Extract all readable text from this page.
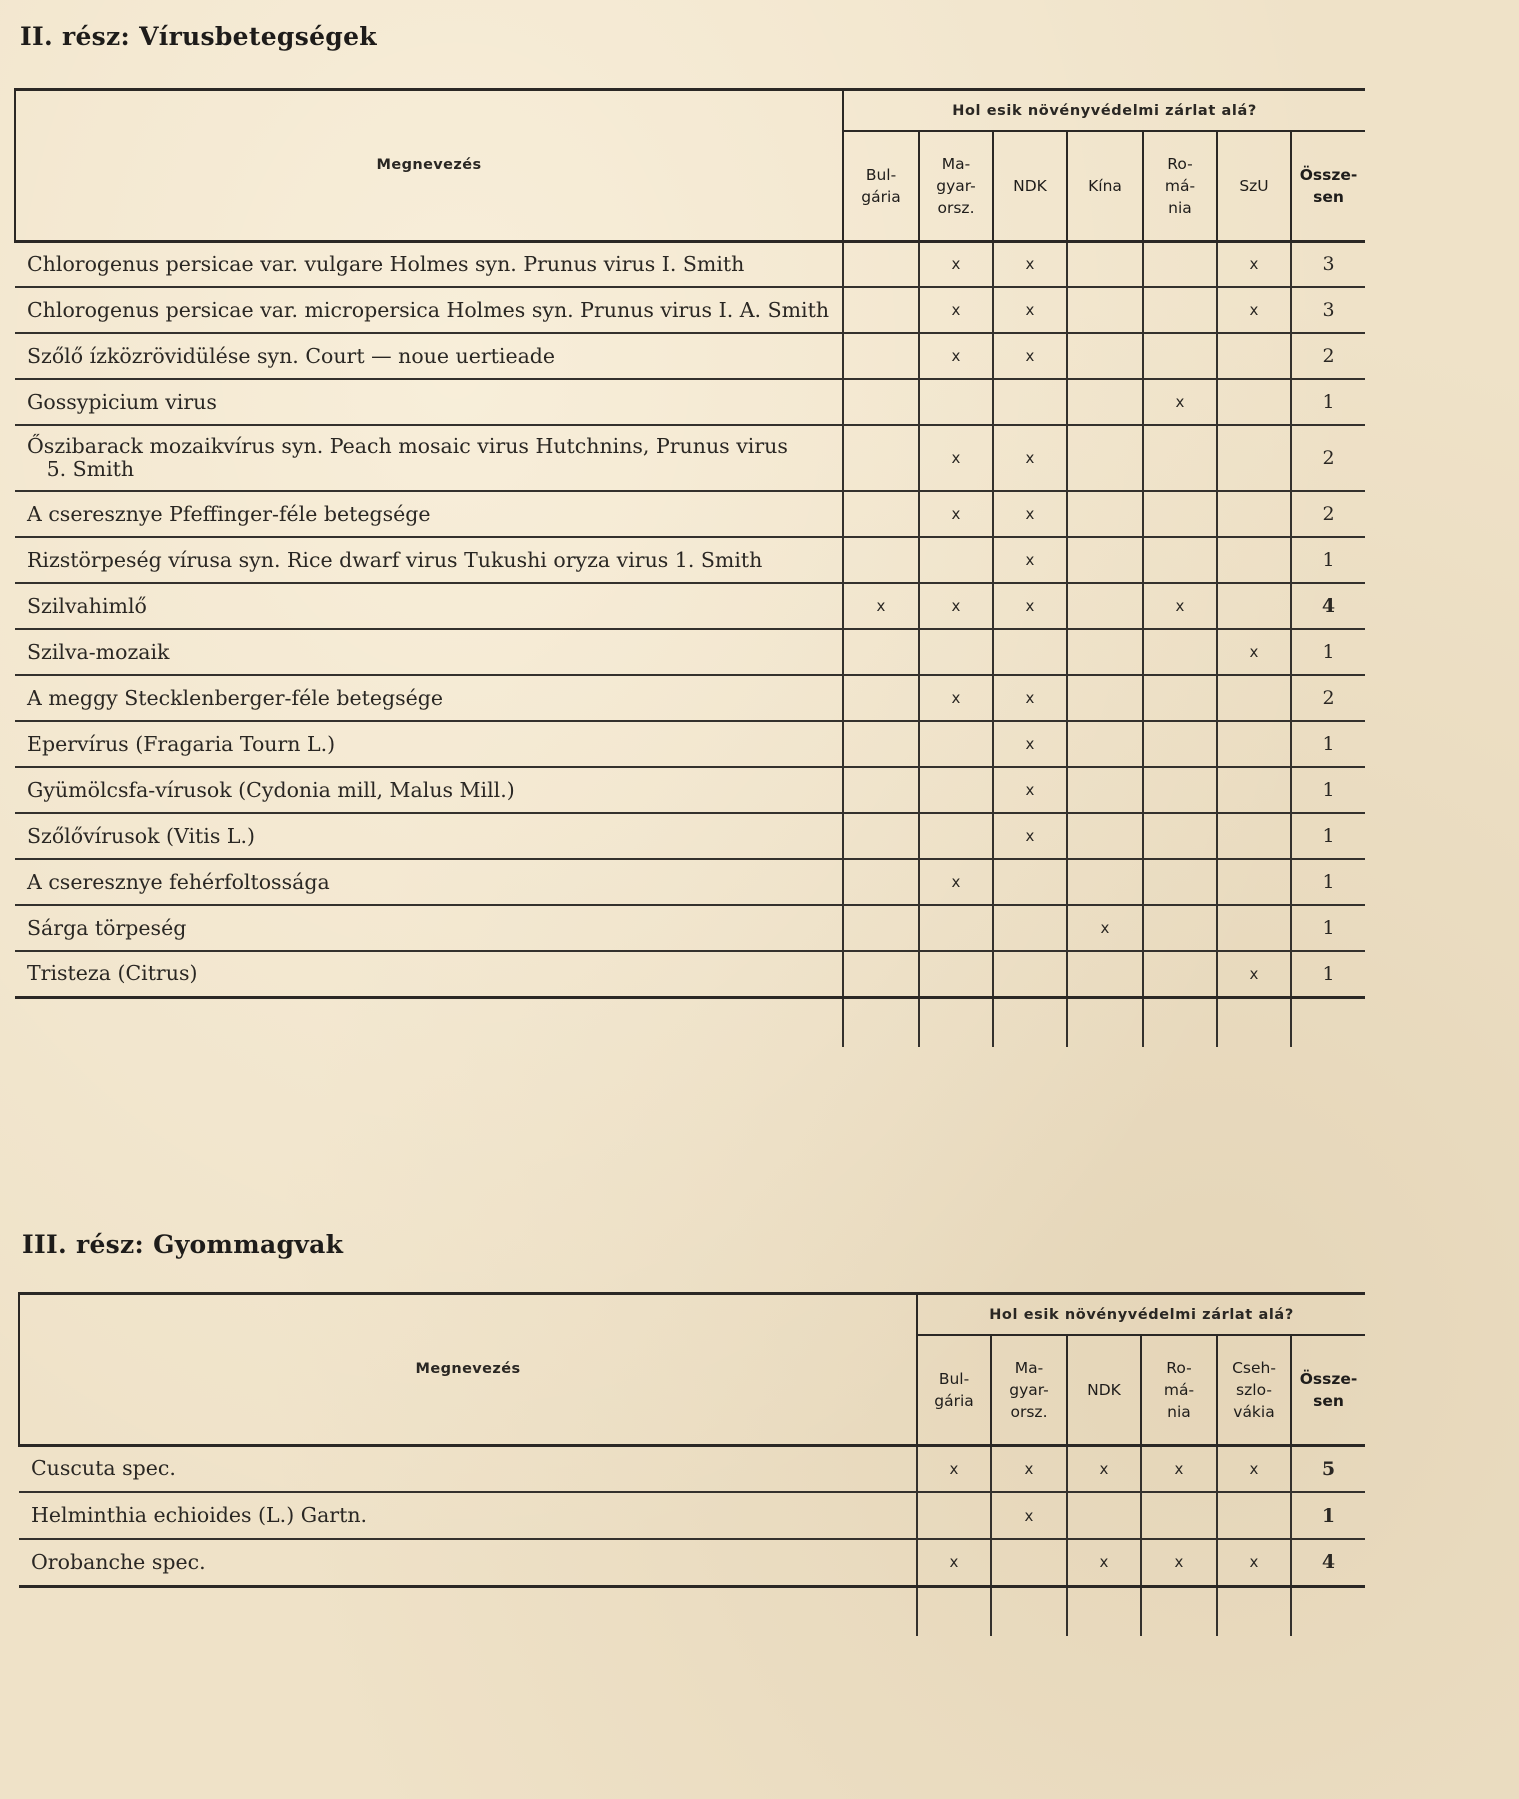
II. rész: Vírusbetegségek
Megnevezés	Hol esik növényvédelmi zárlat alá?						
	Bul-
gária	Ma-
gyar-
orsz.	NDK	Kína	Ro-
má-
nia	SzU	Össze-
sen
Chlorogenus persicae var. vulgare Holmes syn. Prunus virus I. Smith		x	x			x	3
Chlorogenus persicae var. micropersica Holmes syn. Prunus virus I. A. Smith		x	x			x	3
Szőlő ízközrövidülése syn. Court — noue uertieade		x	x				2
Gossypicium virus					x		1
Őszibarack mozaikvírus syn. Peach mosaic virus Hutchnins, Prunus virus
5. Smith		x	x				2
A cseresznye Pfeffinger-féle betegsége		x	x				2
Rizstörpeség vírusa syn. Rice dwarf virus Tukushi oryza virus 1. Smith			x				1
Szilvahimlő	x	x	x		x		4
Szilva-mozaik						x	1
A meggy Stecklenberger-féle betegsége		x	x				2
Epervírus (Fragaria Tourn L.)			x				1
Gyümölcsfa-vírusok (Cydonia mill, Malus Mill.)			x				1
Szőlővírusok (Vitis L.)			x				1
A cseresznye fehérfoltossága		x					1
Sárga törpeség				x			1
Tristeza (Citrus)						x	1

III. rész: Gyommagvak
Megnevezés	Hol esik növényvédelmi zárlat alá?					
	Bul-
gária	Ma-
gyar-
orsz.	NDK	Ro-
má-
nia	Cseh-
szlo-
vákia	Össze-
sen
Cuscuta spec.	x	x	x	x	x	5
Helminthia echioides (L.) Gartn.		x				1
Orobanche spec.	x		x	x	x	4
